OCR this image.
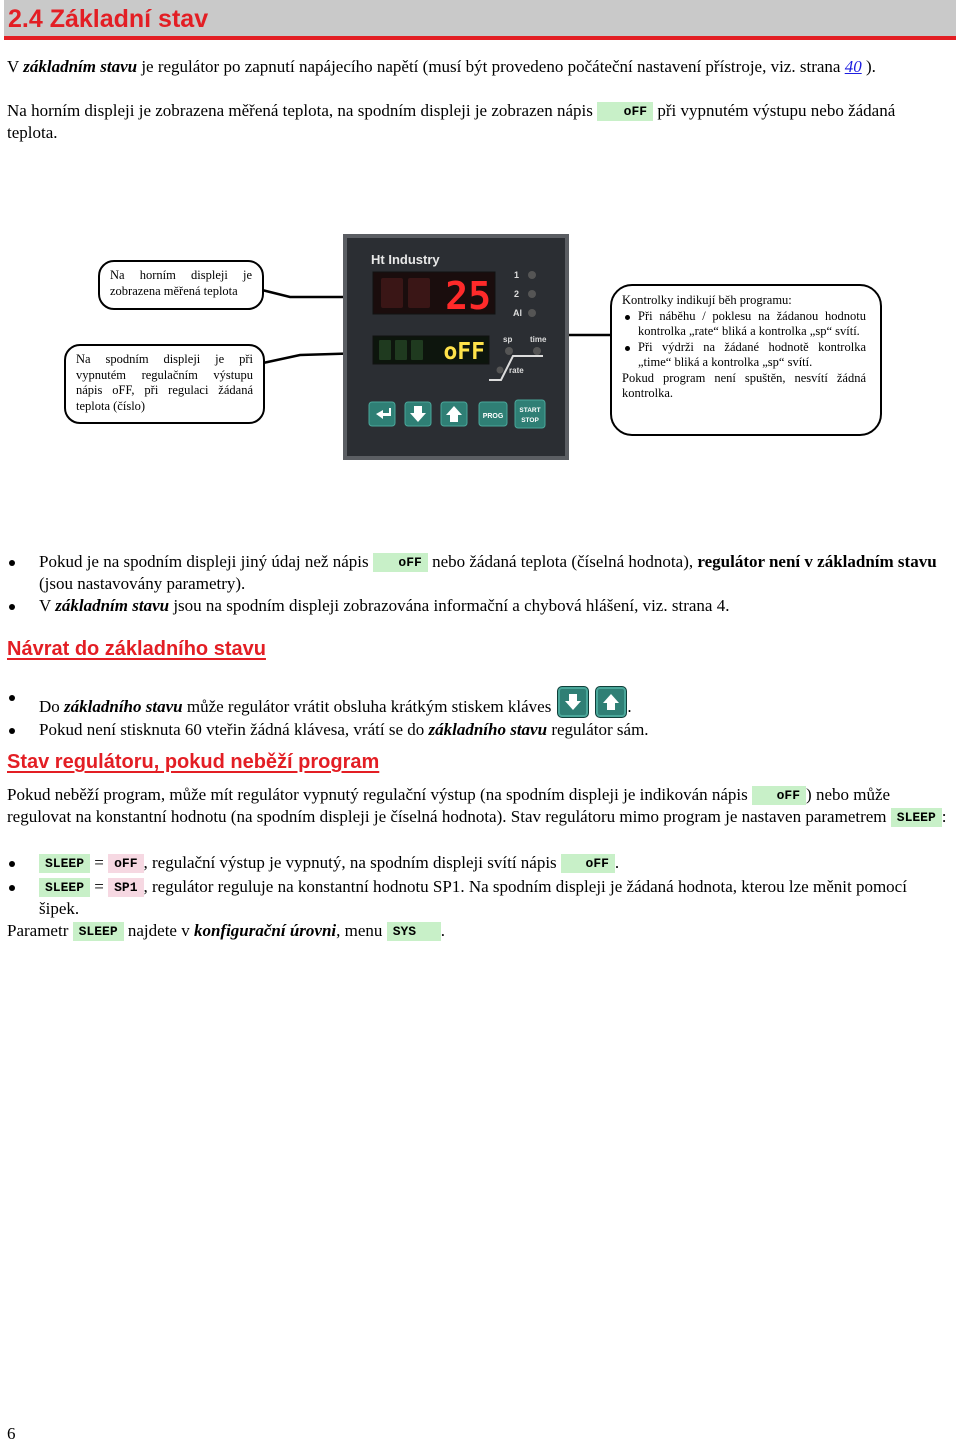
2.4 Základní stav

V základním stavu je regulátor po zapnutí napájecího napětí (musí být provedeno počáteční nastavení přístroje, viz. strana 40 ).

Na horním displeji je zobrazena měřená teplota, na spodním displeji je zobrazen nápis oFF při vypnutém výstupu nebo žádaná teplota.

Na horním displeji je zobrazena měřená teplota
Na spodním displeji je při vypnutém regulačním výstupu nápis oFF, při regulaci žádaná teplota (číslo)
Kontrolky indikují běh programu:
Při náběhu / poklesu na žádanou hodnotu kontrolka „rate“ bliká a kontrolka „sp“ svítí.
Při výdrži na žádané hodnotě kontrolka „time“ bliká a kontrolka „sp“ svítí.
Pokud program není spuštěn, nesvítí žádná kontrolka.
Ht Industry
25	1
2
Al
oFF sp time
rate
PROG
START
STOP
Pokud je na spodním displeji jiný údaj než nápis oFF nebo žádaná teplota (číselná hodnota), regulátor není v základním stavu (jsou nastavovány parametry).
V základním stavu jsou na spodním displeji zobrazována informační a chybová hlášení, viz. strana 4.
Návrat do základního stavu
Do základního stavu může regulátor vrátit obsluha krátkým stiskem kláves	.
Pokud není stisknuta 60 vteřin žádná klávesa, vrátí se do základního stavu regulátor sám.
Stav regulátoru, pokud neběží program

Pokud neběží program, může mít regulátor vypnutý regulační výstup (na spodním displeji je indikován nápis oFF ) nebo může regulovat na konstantní hodnotu (na spodním displeji je číselná hodnota). Stav regulátoru mimo program je nastaven parametrem SLEEP :

SLEEP = oFF , regulační výstup je vypnutý, na spodním displeji svítí nápis oFF .
SLEEP = SP1 , regulátor reguluje na konstantní hodnotu SP1. Na spodním displeji je žádaná hodnota, kterou lze měnit pomocí šipek.

Parametr SLEEP najdete v konfigurační úrovni, menu SYS .

6
